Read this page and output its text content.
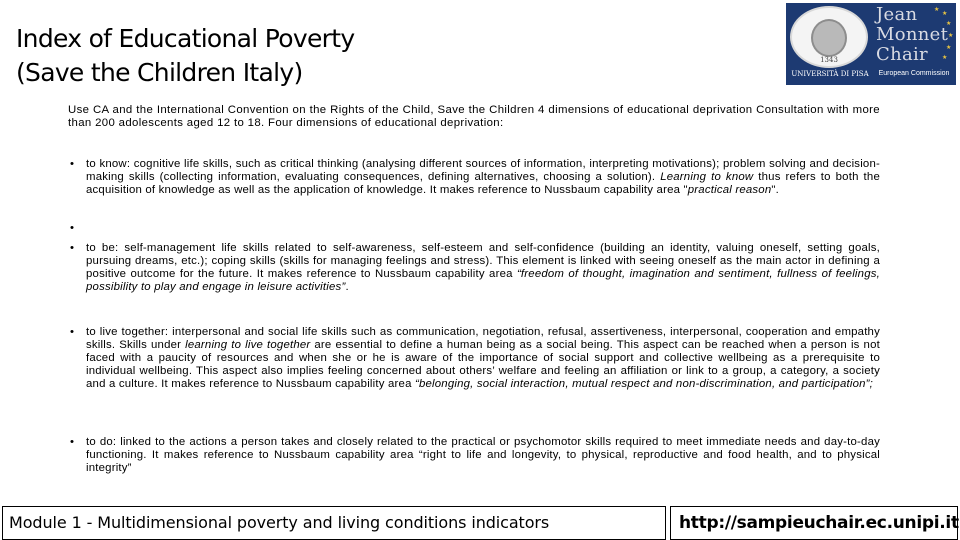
Index of Educational Poverty
(Save the Children Italy)	1343
UNIVERSITÀ DI PISA
Jean
Monnet
Chair
★
★
★
★
★
★
European Commission

Use CA and the International Convention on the Rights of the Child, Save the Children 4 dimensions of educational deprivation Consultation with more than 200 adolescents aged 12 to 18. Four dimensions of educational deprivation:

• to know: cognitive life skills, such as critical thinking (analysing different sources of information, interpreting motivations); problem solving and decision-making skills (collecting information, evaluating consequences, defining alternatives, choosing a solution). Learning to know thus refers to both the acquisition of knowledge as well as the application of knowledge. It makes reference to Nussbaum capability area "practical reason".
•
• to be: self-management life skills related to self-awareness, self-esteem and self-confidence (building an identity, valuing oneself, setting goals, pursuing dreams, etc.); coping skills (skills for managing feelings and stress). This element is linked with seeing oneself as the main actor in defining a positive outcome for the future. It makes reference to Nussbaum capability area “freedom of thought, imagination and sentiment, fullness of feelings, possibility to play and engage in leisure activities”.
• to live together: interpersonal and social life skills such as communication, negotiation, refusal, assertiveness, interpersonal, cooperation and empathy skills. Skills under learning to live together are essential to define a human being as a social being. This aspect can be reached when a person is not faced with a paucity of resources and when she or he is aware of the importance of social support and collective wellbeing as a prerequisite to individual wellbeing. This aspect also implies feeling concerned about others’ welfare and feeling an affiliation or link to a group, a category, a society and a culture. It makes reference to Nussbaum capability area “belonging, social interaction, mutual respect and non-discrimination, and participation”;
• to do: linked to the actions a person takes and closely related to the practical or psychomotor skills required to meet immediate needs and day-to-day functioning. It makes reference to Nussbaum capability area “right to life and longevity, to physical, reproductive and food health, and to physical integrity”
Module 1 - Multidimensional poverty and living conditions indicators	http://sampieuchair.ec.unipi.it
